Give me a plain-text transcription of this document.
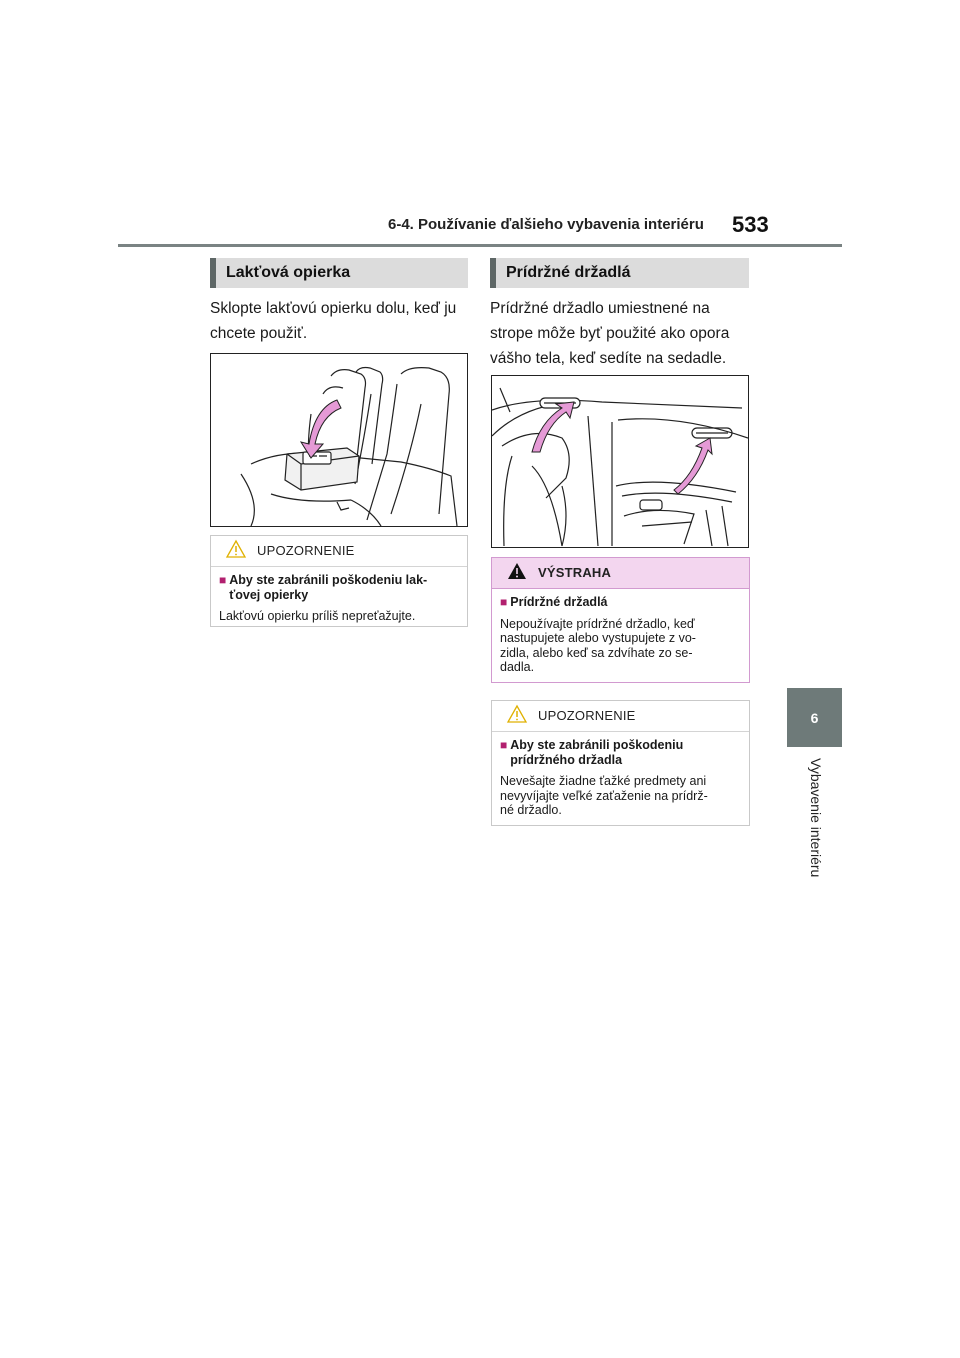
6-4. Používanie ďalšieho vybavenia interiéru 533
6
Vybavenie interiéru
Lakťová opierka
Sklopte lakťovú opierku dolu, keď ju
chcete použiť.
UPOZORNENIE
■ Aby ste zabránili poškodeniu lak-
ťovej opierky
Lakťovú opierku príliš nepreťažujte.
Prídržné držadlá
Prídržné držadlo umiestnené na
strope môže byť použité ako opora
vášho tela, keď sedíte na sedadle.
VÝSTRAHA
■ Prídržné držadlá
Nepoužívajte prídržné držadlo, keď
nastupujete alebo vystupujete z vo-
zidla, alebo keď sa zdvíhate zo se-
dadla.
UPOZORNENIE
■ Aby ste zabránili poškodeniu
prídržného držadla
Nevešajte žiadne ťažké predmety ani
nevyvíjajte veľké zaťaženie na prídrž-
né držadlo.
